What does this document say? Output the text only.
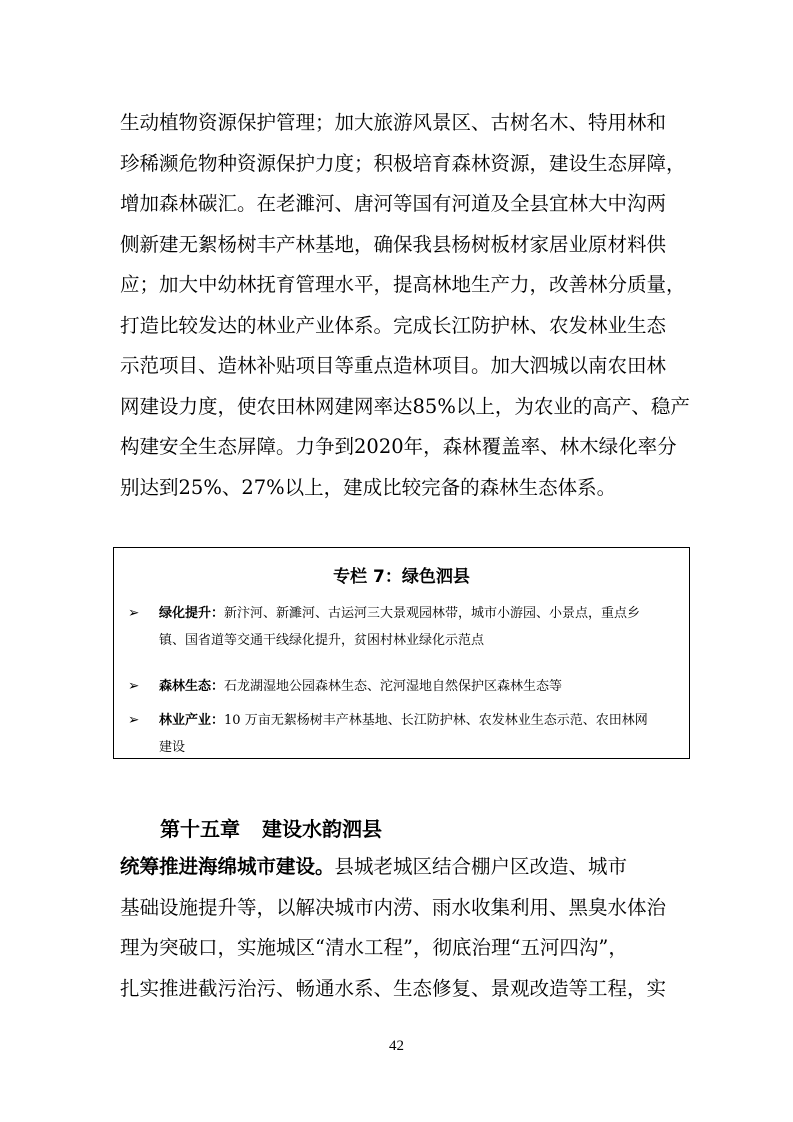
生动植物资源保护管理；加大旅游风景区、古树名木、特用林和
珍稀濒危物种资源保护力度；积极培育森林资源，建设生态屏障，
增加森林碳汇。在老濉河、唐河等国有河道及全县宜林大中沟两
侧新建无絮杨树丰产林基地，确保我县杨树板材家居业原材料供
应；加大中幼林抚育管理水平，提高林地生产力，改善林分质量，
打造比较发达的林业产业体系。完成长江防护林、农发林业生态
示范项目、造林补贴项目等重点造林项目。加大泗城以南农田林
网建设力度，使农田林网建网率达85%以上，为农业的高产、稳产
构建安全生态屏障。力争到2020年，森林覆盖率、林木绿化率分
别达到25%、27%以上，建成比较完备的森林生态体系。
专栏 7：绿色泗县
➢ 绿化提升：新汴河、新濉河、古运河三大景观园林带，城市小游园、小景点，重点乡
镇、国省道等交通干线绿化提升，贫困村林业绿化示范点
➢ 森林生态：石龙湖湿地公园森林生态、沱河湿地自然保护区森林生态等
➢ 林业产业：10 万亩无絮杨树丰产林基地、长江防护林、农发林业生态示范、农田林网
建设
第十五章 建设水韵泗县
统筹推进海绵城市建设。县城老城区结合棚户区改造、城市
基础设施提升等，以解决城市内涝、雨水收集利用、黑臭水体治
理为突破口，实施城区“清水工程”，彻底治理“五河四沟”，
扎实推进截污治污、畅通水系、生态修复、景观改造等工程，实
42
